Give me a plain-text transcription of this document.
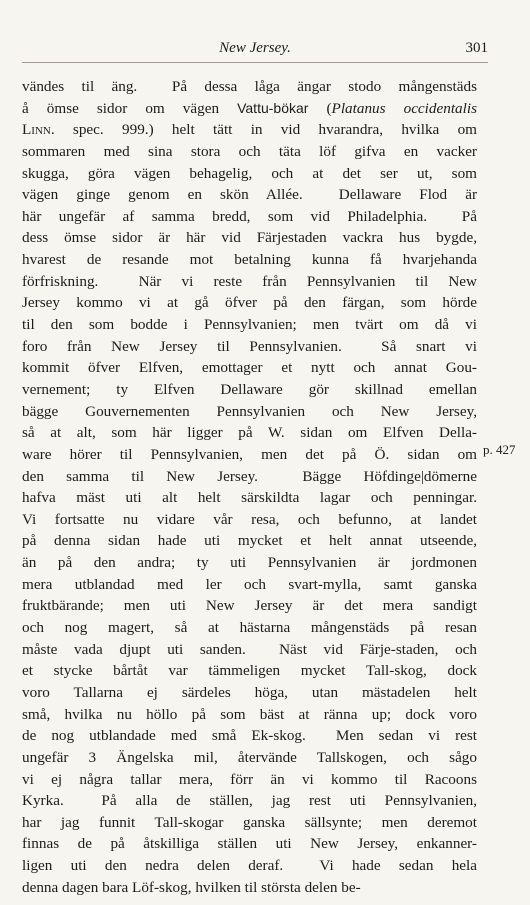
New Jersey.	301
vändes til äng.  På dessa låga ängar stodo mångenstäds
å ömse sidor om vägen Vattu-bökar (Platanus occidentalis
Linn. spec. 999.) helt tätt in vid hvarandra, hvilka om
sommaren med sina stora och täta löf gifva en vacker
skugga, göra vägen behagelig, och at det ser ut, som
vägen ginge genom en skön Allée.  Dellaware Flod är
här ungefär af samma bredd, som vid Philadelphia.  På
dess ömse sidor är här vid Färjestaden vackra hus bygde,
hvarest de resande mot betalning kunna få hvarjehanda
förfriskning.  När vi reste från Pennsylvanien til New
Jersey kommo vi at gå öfver på den färgan, som hörde
til den som bodde i Pennsylvanien; men tvärt om då vi
foro från New Jersey til Pennsylvanien.  Så snart vi
kommit öfver Elfven, emottager et nytt och annat Gou-
vernement; ty Elfven Dellaware gör skillnad emellan
bägge Gouvernementen Pennsylvanien och New Jersey,
så at alt, som här ligger på W. sidan om Elfven Della-
ware hörer til Pennsylvanien, men det på Ö. sidan om
den samma til New Jersey.  Bägge Höfdinge|dömerne
hafva mäst uti alt helt särskildta lagar och penningar.
Vi fortsatte nu vidare vår resa, och befunno, at landet
på denna sidan hade uti mycket et helt annat utseende,
än på den andra; ty uti Pennsylvanien är jordmonen
mera utblandad med ler och svart-mylla, samt ganska
fruktbärande; men uti New Jersey är det mera sandigt
och nog magert, så at hästarna mångenstäds på resan
måste vada djupt uti sanden.  Näst vid Färje-staden, och
et stycke bårtåt var tämmeligen mycket Tall-skog, dock
voro Tallarna ej särdeles höga, utan mästadelen helt
små, hvilka nu höllo på som bäst at ränna up; dock voro
de nog utblandade med små Ek-skog.  Men sedan vi rest
ungefär 3 Ängelska mil, återvände Tallskogen, och sågo
vi ej några tallar mera, förr än vi kommo til Racoons
Kyrka.  På alla de ställen, jag rest uti Pennsylvanien,
har jag funnit Tall-skogar ganska sällsynte; men deremot
finnas de på åtskilliga ställen uti New Jersey, enkanner-
ligen uti den nedra delen deraf.  Vi hade sedan hela
denna dagen bara Löf-skog, hvilken til största delen be-
p. 427
